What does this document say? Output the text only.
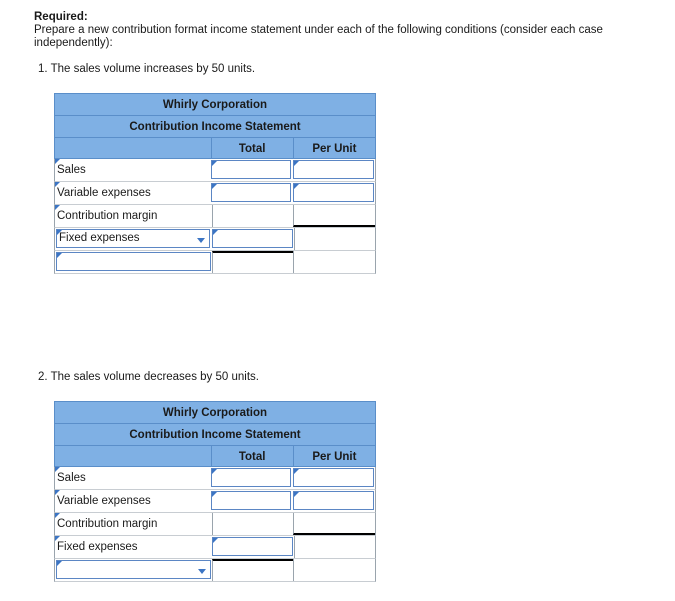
Required:
Prepare a new contribution format income statement under each of the following conditions (consider each case independently):
1. The sales volume increases by 50 units.
Whirly Corporation
Contribution Income Statement
Total	Per Unit
Sales
Variable expenses
Contribution margin
Fixed expenses
2. The sales volume decreases by 50 units.
Whirly Corporation
Contribution Income Statement
Total	Per Unit
Sales
Variable expenses
Contribution margin
Fixed expenses
